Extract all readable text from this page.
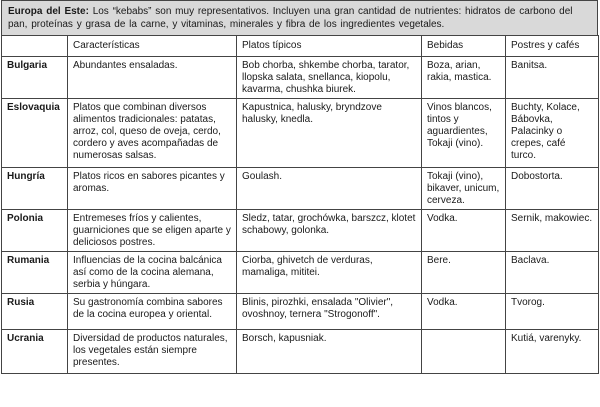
Europa del Este: Los “kebabs” son muy representativos. Incluyen una gran cantidad de nutrientes: hidratos de carbono del pan, proteínas y grasa de la carne, y vitaminas, minerales y fibra de los ingredientes vegetales.
	Características	Platos típicos	Bebidas	Postres y cafés
Bulgaria	Abundantes ensaladas.	Bob chorba, shkembe chorba, tarator, llopska salata, snellanca, kiopolu, kavarma, chushka biurek.	Boza, arian, rakia, mastica.	Banitsa.
Eslovaquia	Platos que combinan diversos alimentos tradicionales: patatas, arroz, col, queso de oveja, cerdo, cordero y aves acompañadas de numerosas salsas.	Kapustnica, halusky, bryndzove halusky, knedla.	Vinos blancos, tintos y aguardientes, Tokaji (vino).	Buchty, Kolace, Bábovka, Palacinky o crepes, café turco.
Hungría	Platos ricos en sabores picantes y aromas.	Goulash.	Tokaji (vino), bikaver, unicum, cerveza.	Dobostorta.
Polonia	Entremeses fríos y calientes, guarniciones que se eligen aparte y deliciosos postres.	Sledz, tatar, grochówka, barszcz, klotet schabowy, golonka.	Vodka.	Sernik, makowiec.
Rumania	Influencias de la cocina balcánica así como de la cocina alemana, serbia y húngara.	Ciorba, ghivetch de verduras, mamaliga, mititei.	Bere.	Baclava.
Rusia	Su gastronomía combina sabores de la cocina europea y oriental.	Blinis, pirozhki, ensalada "Olivier", ovoshnoy, ternera "Strogonoff".	Vodka.	Tvorog.
Ucrania	Diversidad de productos naturales, los vegetales están siempre presentes.	Borsch, kapusniak.		Kutiá, varenyky.
